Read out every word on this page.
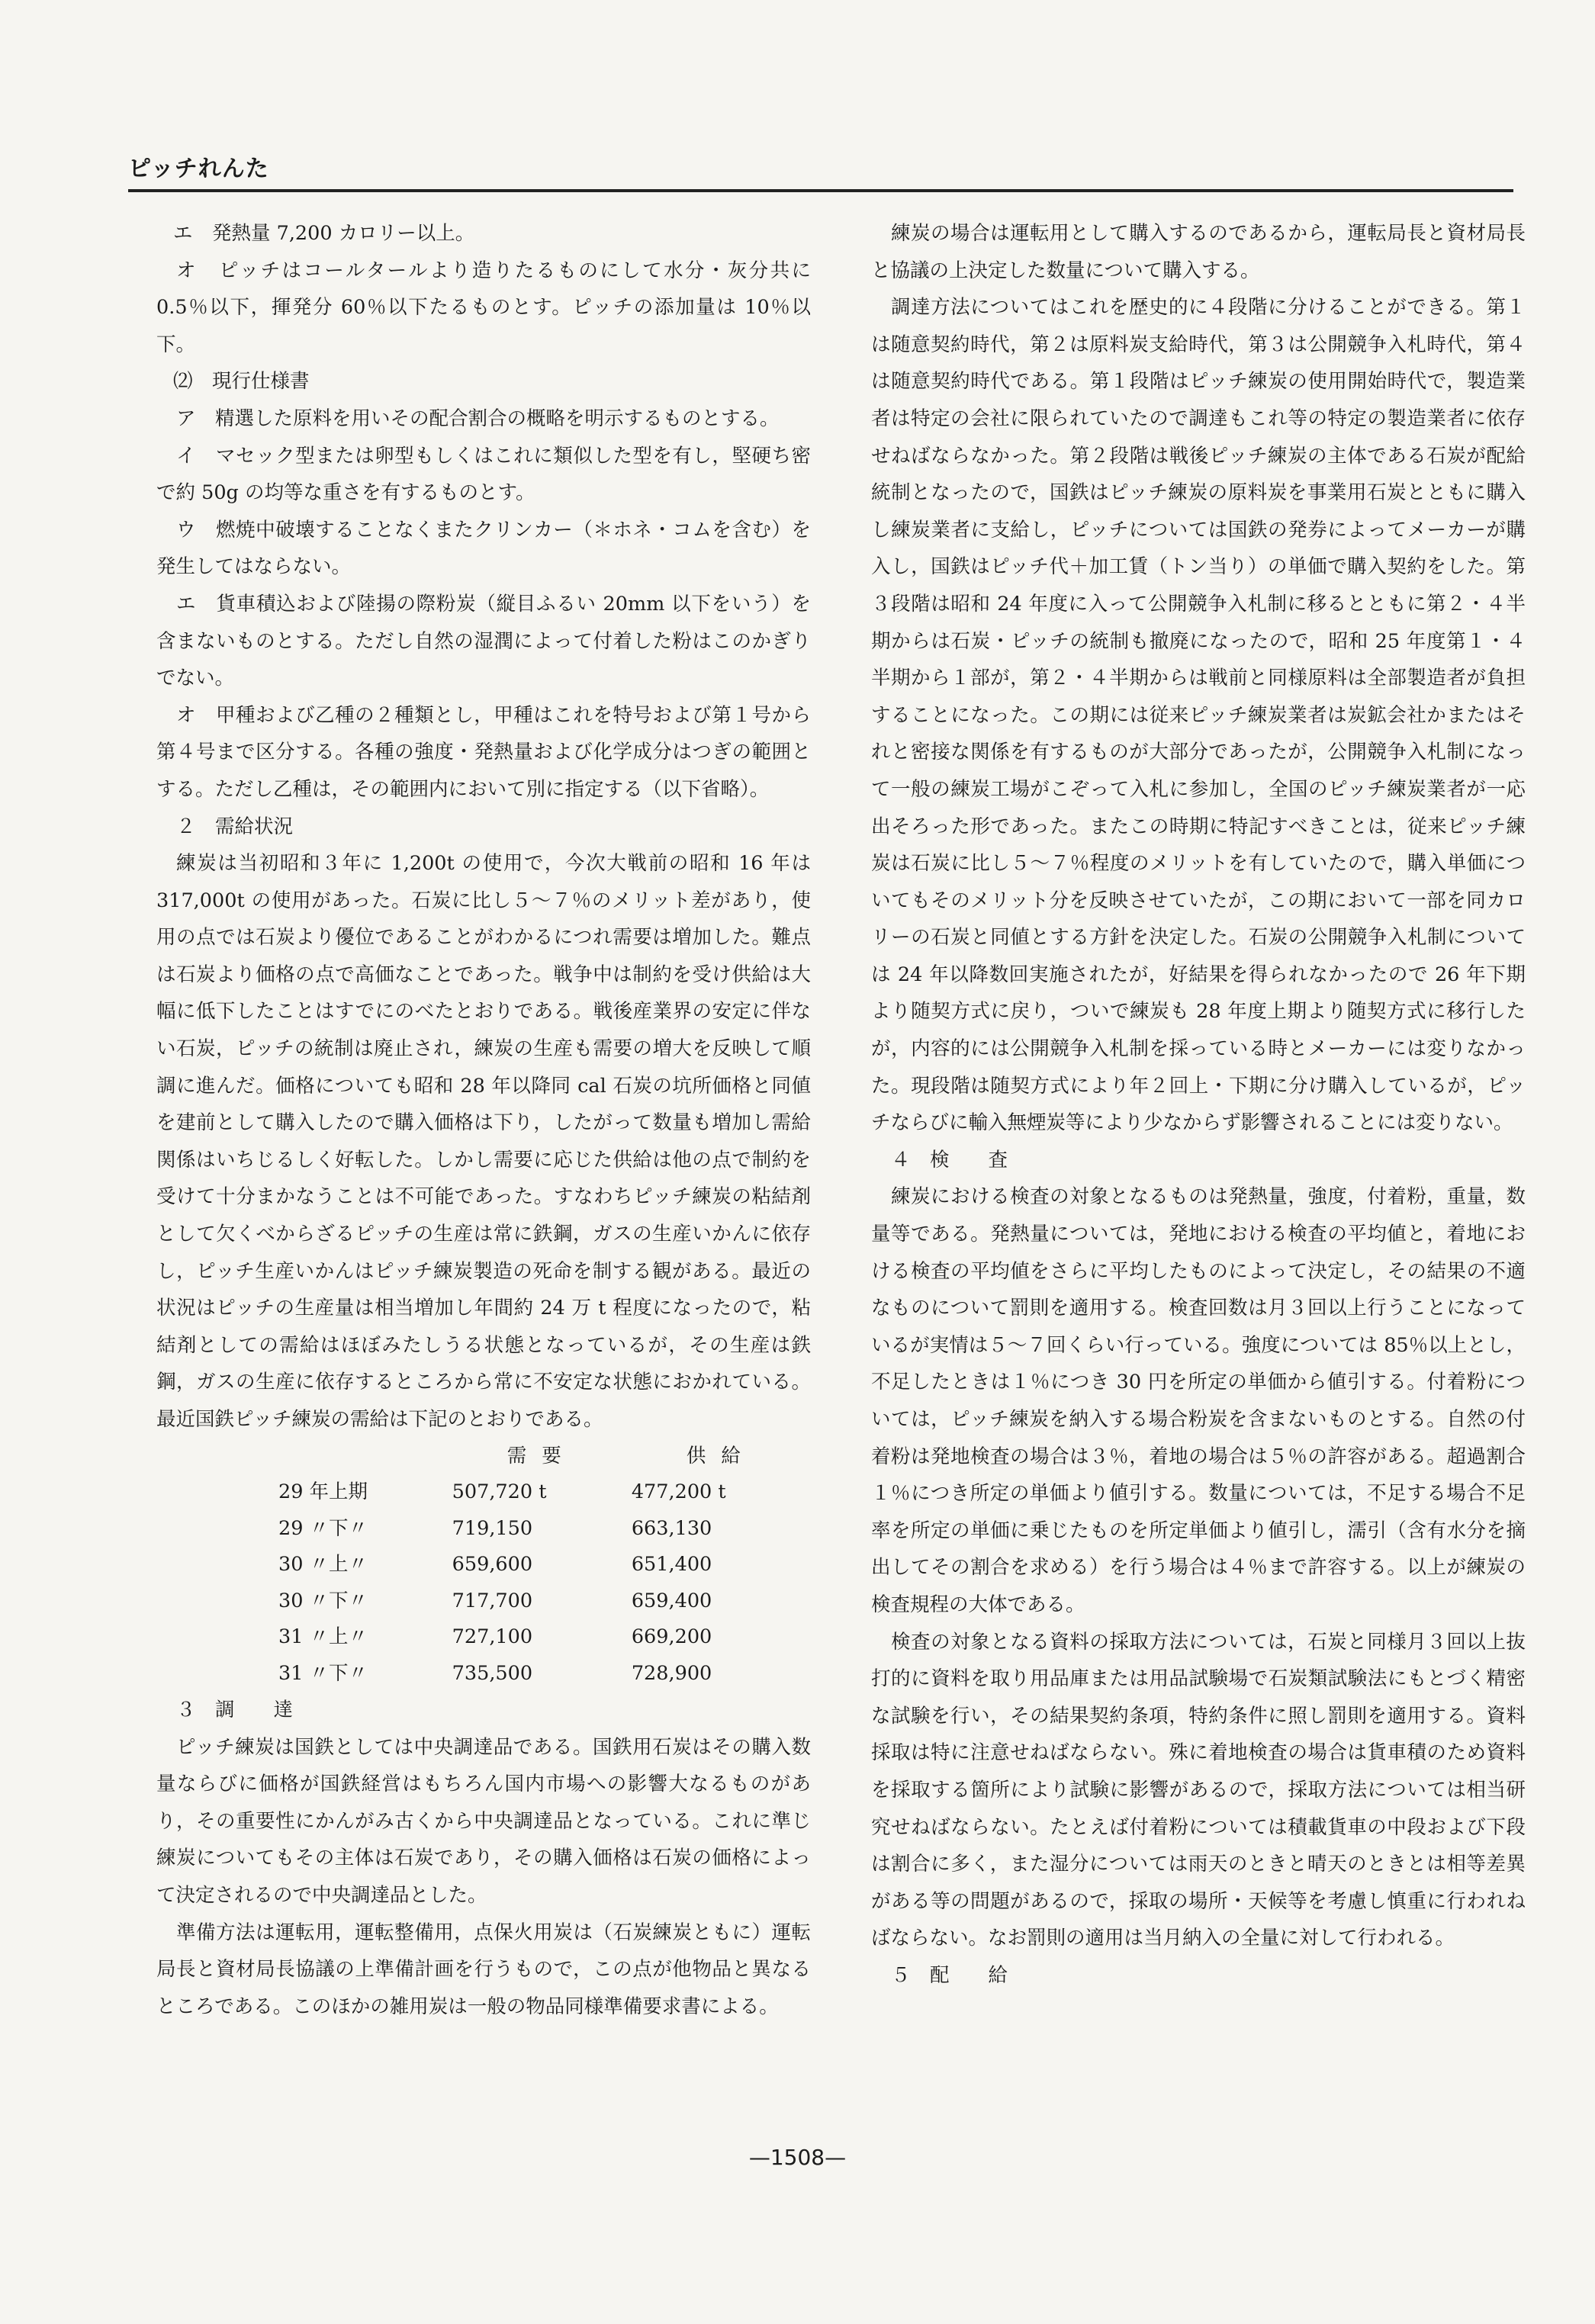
ピッチれんた

エ　発熱量 7,200 カロリー以上。

オ　ピッチはコールタールより造りたるものにして水分・灰分共に 0.5％以下，揮発分 60％以下たるものとす。ピッチの添加量は 10％以下。

⑵　現行仕様書

ア　精選した原料を用いその配合割合の概略を明示するものとする。

イ　マセック型または卵型もしくはこれに類似した型を有し，堅硬ち密で約 50g の均等な重さを有するものとす。

ウ　燃焼中破壊することなくまたクリンカー（＊ホネ・コムを含む）を発生してはならない。

エ　貨車積込および陸揚の際粉炭（縦目ふるい 20mm 以下をいう）を含まないものとする。ただし自然の湿潤によって付着した粉はこのかぎりでない。

オ　甲種および乙種の２種類とし，甲種はこれを特号および第１号から第４号まで区分する。各種の強度・発熱量および化学成分はつぎの範囲とする。ただし乙種は，その範囲内において別に指定する（以下省略）。

２　需給状況

練炭は当初昭和３年に 1,200t の使用で，今次大戦前の昭和 16 年は 317,000t の使用があった。石炭に比し５～７％のメリット差があり，使用の点では石炭より優位であることがわかるにつれ需要は増加した。難点は石炭より価格の点で高価なことであった。戦争中は制約を受け供給は大幅に低下したことはすでにのべたとおりである。戦後産業界の安定に伴ない石炭，ピッチの統制は廃止され，練炭の生産も需要の増大を反映して順調に進んだ。価格についても昭和 28 年以降同 cal 石炭の坑所価格と同値を建前として購入したので購入価格は下り，したがって数量も増加し需給関係はいちじるしく好転した。しかし需要に応じた供給は他の点で制約を受けて十分まかなうことは不可能であった。すなわちピッチ練炭の粘結剤として欠くべからざるピッチの生産は常に鉄鋼，ガスの生産いかんに依存し，ピッチ生産いかんはピッチ練炭製造の死命を制する観がある。最近の状況はピッチの生産量は相当増加し年間約 24 万 t 程度になったので，粘結剤としての需給はほぼみたしうる状態となっているが，その生産は鉄鋼，ガスの生産に依存するところから常に不安定な状態におかれている。最近国鉄ピッチ練炭の需給は下記のとおりである。

	需要	供給
29 年上期	507,720 t	477,200 t
29 〃下〃	719,150	663,130
30 〃上〃	659,600	651,400
30 〃下〃	717,700	659,400
31 〃上〃	727,100	669,200
31 〃下〃	735,500	728,900

３　調　　達

ピッチ練炭は国鉄としては中央調達品である。国鉄用石炭はその購入数量ならびに価格が国鉄経営はもちろん国内市場への影響大なるものがあり，その重要性にかんがみ古くから中央調達品となっている。これに準じ練炭についてもその主体は石炭であり，その購入価格は石炭の価格によって決定されるので中央調達品とした。

準備方法は運転用，運転整備用，点保火用炭は（石炭練炭ともに）運転局長と資材局長協議の上準備計画を行うもので，この点が他物品と異なるところである。このほかの雑用炭は一般の物品同様準備要求書による。

練炭の場合は運転用として購入するのであるから，運転局長と資材局長と協議の上決定した数量について購入する。

調達方法についてはこれを歴史的に４段階に分けることができる。第１は随意契約時代，第２は原料炭支給時代，第３は公開競争入札時代，第４は随意契約時代である。第１段階はピッチ練炭の使用開始時代で，製造業者は特定の会社に限られていたので調達もこれ等の特定の製造業者に依存せねばならなかった。第２段階は戦後ピッチ練炭の主体である石炭が配給統制となったので，国鉄はピッチ練炭の原料炭を事業用石炭とともに購入し練炭業者に支給し，ピッチについては国鉄の発券によってメーカーが購入し，国鉄はピッチ代＋加工賃（トン当り）の単価で購入契約をした。第３段階は昭和 24 年度に入って公開競争入札制に移るとともに第２・４半期からは石炭・ピッチの統制も撤廃になったので，昭和 25 年度第１・４半期から１部が，第２・４半期からは戦前と同様原料は全部製造者が負担することになった。この期には従来ピッチ練炭業者は炭鉱会社かまたはそれと密接な関係を有するものが大部分であったが，公開競争入札制になって一般の練炭工場がこぞって入札に参加し，全国のピッチ練炭業者が一応出そろった形であった。またこの時期に特記すべきことは，従来ピッチ練炭は石炭に比し５～７％程度のメリットを有していたので，購入単価についてもそのメリット分を反映させていたが，この期において一部を同カロリーの石炭と同値とする方針を決定した。石炭の公開競争入札制については 24 年以降数回実施されたが，好結果を得られなかったので 26 年下期より随契方式に戻り，ついで練炭も 28 年度上期より随契方式に移行したが，内容的には公開競争入札制を採っている時とメーカーには変りなかった。現段階は随契方式により年２回上・下期に分け購入しているが，ピッチならびに輸入無煙炭等により少なからず影響されることには変りない。

４　検　　査

練炭における検査の対象となるものは発熱量，強度，付着粉，重量，数量等である。発熱量については，発地における検査の平均値と，着地における検査の平均値をさらに平均したものによって決定し，その結果の不適なものについて罰則を適用する。検査回数は月３回以上行うことになっているが実情は５～７回くらい行っている。強度については 85％以上とし，不足したときは１％につき 30 円を所定の単価から値引する。付着粉については，ピッチ練炭を納入する場合粉炭を含まないものとする。自然の付着粉は発地検査の場合は３％，着地の場合は５％の許容がある。超過割合１％につき所定の単価より値引する。数量については，不足する場合不足率を所定の単価に乗じたものを所定単価より値引し，濡引（含有水分を摘出してその割合を求める）を行う場合は４％まで許容する。以上が練炭の検査規程の大体である。

検査の対象となる資料の採取方法については，石炭と同様月３回以上抜打的に資料を取り用品庫または用品試験場で石炭類試験法にもとづく精密な試験を行い，その結果契約条項，特約条件に照し罰則を適用する。資料採取は特に注意せねばならない。殊に着地検査の場合は貨車積のため資料を採取する箇所により試験に影響があるので，採取方法については相当研究せねばならない。たとえば付着粉については積載貨車の中段および下段は割合に多く，また湿分については雨天のときと晴天のときとは相等差異がある等の問題があるので，採取の場所・天候等を考慮し慎重に行われねばならない。なお罰則の適用は当月納入の全量に対して行われる。

５　配　　給

—1508—
